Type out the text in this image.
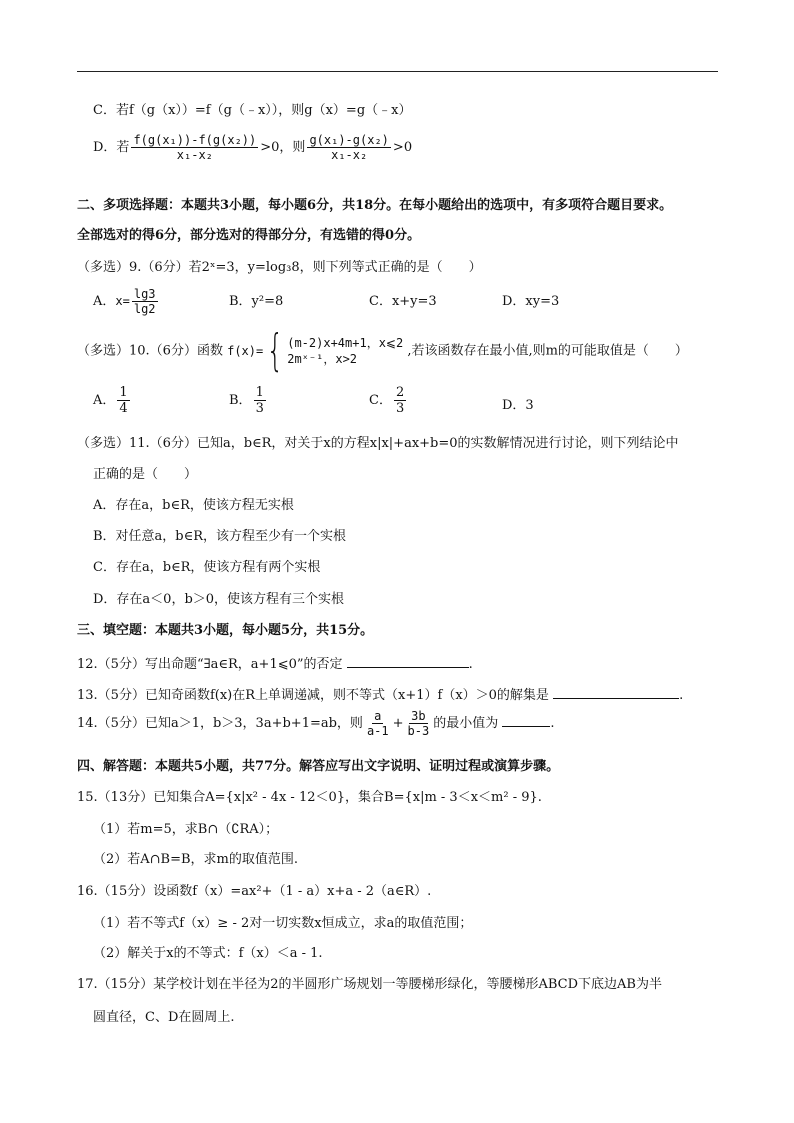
C．若f（g（x））=f（g（﹣x）），则g（x）=g（﹣x）
D．若 $\frac{\text{f(g(x₁))-f(g(x₂))}}{\text{x₁-x₂}} >0$，则 $\frac{\text{g(x₁)-g(x₂)}}{\text{x₁-x₂}} >0$
二、多项选择题：本题共3小题，每小题6分，共18分。在每小题给出的选项中，有多项符合题目要求。
全部选对的得6分，部分选对的得部分分，有选错的得0分。
（多选）9.（6分）若2ˣ=3，y=log₃8，则下列等式正确的是（　　）
A．$x= \frac{\lg 3}{\lg 2}$	B．y²=8	C．x+y=3	D．xy=3
（多选）10.（6分）函数 f(x)= { (m-2)x+4m+1，x⩽2
2mˣ⁻¹，x>2
,若该函数存在最小值,则m的可能取值是（　　）
A． $\frac{1}{4}$	B． $\frac{1}{3}$	C． $\frac{2}{3}$	D．3
（多选）11.（6分）已知a，b∈R，对关于x的方程x|x|+ax+b=0的实数解情况进行讨论，则下列结论中
正确的是（　　）
A．存在a，b∈R，使该方程无实根
B．对任意a，b∈R，该方程至少有一个实根
C．存在a，b∈R，使该方程有两个实根
D．存在a＜0，b＞0，使该方程有三个实根
三、填空题：本题共3小题，每小题5分，共15分。
12.（5分）写出命题“∃a∈R，a+1⩽0”的否定	.
13.（5分）已知奇函数f(x)在R上单调递减，则不等式（x+1）f（x）＞0的解集是	.
14.（5分）已知a＞1，b＞3，3a+b+1=ab，则 $\frac{a}{a-1} + \frac{3b}{b-3}$ 的最小值为	.
四、解答题：本题共5小题，共77分。解答应写出文字说明、证明过程或演算步骤。
15.（13分）已知集合A={x|x² - 4x - 12＜0}，集合B={x|m - 3＜x＜m² - 9}.
（1）若m=5，求B∩（∁RA）；
（2）若A∩B=B，求m的取值范围.
16.（15分）设函数f（x）=ax²+（1 - a）x+a - 2（a∈R）.
（1）若不等式f（x）≥ - 2对一切实数x恒成立，求a的取值范围；
（2）解关于x的不等式：f（x）＜a - 1.
17.（15分）某学校计划在半径为2的半圆形广场规划一等腰梯形绿化，等腰梯形ABCD下底边AB为半
圆直径，C、D在圆周上.
